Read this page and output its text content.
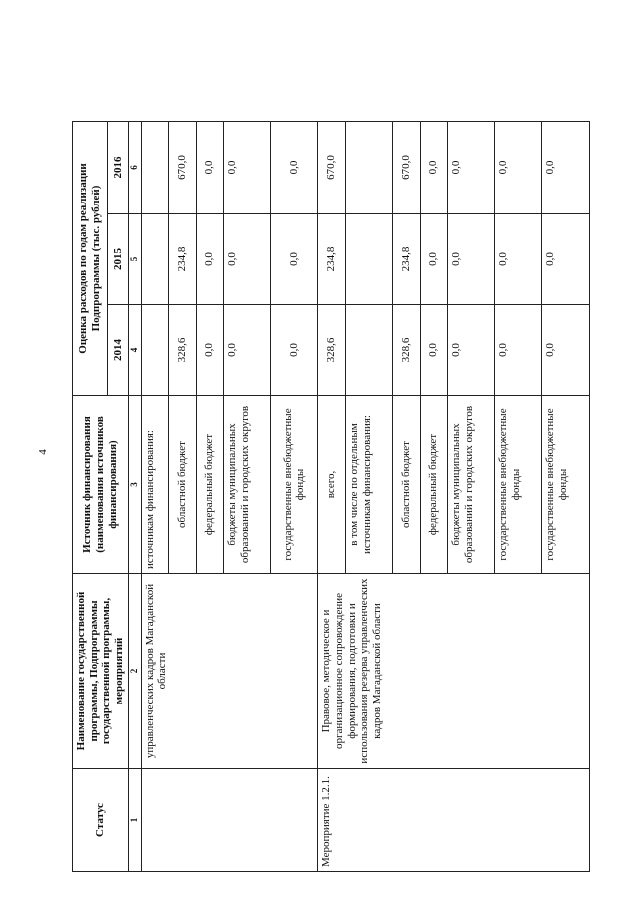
4
Статус	Наименование государственной программы, Подпрограммы государственной программы, мероприятий	Источник финансирования (наименования источников финансирования)	Оценка расходов по годам реализации Подпрограммы (тыс. рублей)		
			2014	2015	2016
1	2	3	4	5	6
	управленческих кадров Магаданской области	источникам финансирования:			
		областной бюджет	328,6	234,8	670,0
		федеральный бюджет	0,0	0,0	0,0
		бюджеты муниципальных образований и городских округов	0,0	0,0	0,0
		государственные внебюджетные фонды	0,0	0,0	0,0
Мероприятие 1.2.1.	Правовое, методическое и организационное сопровождение формирования, подготовки и использования резерва управленческих кадров Магаданской области	всего,	328,6	234,8	670,0
		в том числе по отдельным источникам финансирования:			
		областной бюджет	328,6	234,8	670,0
		федеральный бюджет	0,0	0,0	0,0
		бюджеты муниципальных образований и городских округов	0,0	0,0	0,0
		государственные внебюджетные фонды	0,0	0,0	0,0
		государственные внебюджетные фонды	0,0	0,0	0,0
